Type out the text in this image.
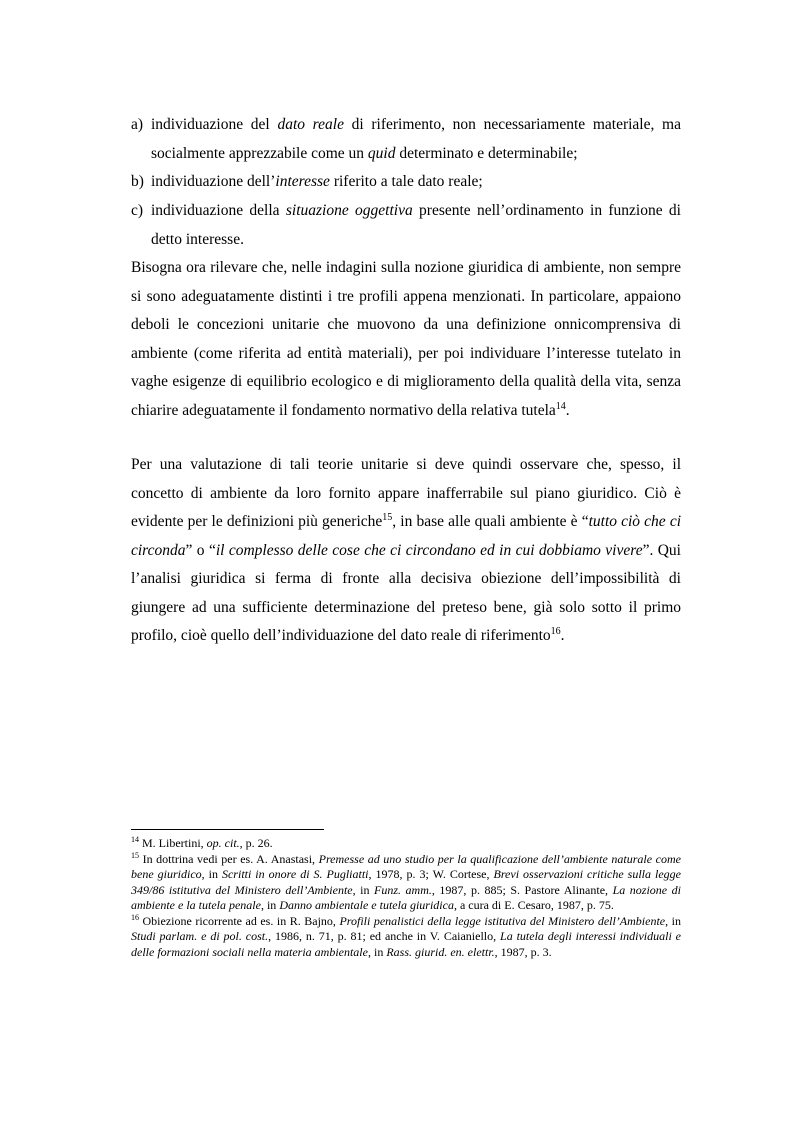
a) individuazione del dato reale di riferimento, non necessariamente materiale, ma socialmente apprezzabile come un quid determinato e determinabile;
b) individuazione dell’interesse riferito a tale dato reale;
c) individuazione della situazione oggettiva presente nell’ordinamento in funzione di detto interesse.

Bisogna ora rilevare che, nelle indagini sulla nozione giuridica di ambiente, non sempre si sono adeguatamente distinti i tre profili appena menzionati. In particolare, appaiono deboli le concezioni unitarie che muovono da una definizione onnicomprensiva di ambiente (come riferita ad entità materiali), per poi individuare l’interesse tutelato in vaghe esigenze di equilibrio ecologico e di miglioramento della qualità della vita, senza chiarire adeguatamente il fondamento normativo della relativa tutela$^{14}$.

Per una valutazione di tali teorie unitarie si deve quindi osservare che, spesso, il concetto di ambiente da loro fornito appare inafferrabile sul piano giuridico. Ciò è evidente per le definizioni più generiche$^{15}$, in base alle quali ambiente è “tutto ciò che ci circonda” o “il complesso delle cose che ci circondano ed in cui dobbiamo vivere”. Qui l’analisi giuridica si ferma di fronte alla decisiva obiezione dell’impossibilità di giungere ad una sufficiente determinazione del preteso bene, già solo sotto il primo profilo, cioè quello dell’individuazione del dato reale di riferimento$^{16}$.

$^{14}$ M. Libertini, op. cit., p. 26.

$^{15}$ In dottrina vedi per es. A. Anastasi, Premesse ad uno studio per la qualificazione dell’ambiente naturale come bene giuridico, in Scritti in onore di S. Pugliatti, 1978, p. 3; W. Cortese, Brevi osservazioni critiche sulla legge 349/86 istitutiva del Ministero dell’Ambiente, in Funz. amm., 1987, p. 885; S. Pastore Alinante, La nozione di ambiente e la tutela penale, in Danno ambientale e tutela giuridica, a cura di E. Cesaro, 1987, p. 75.

$^{16}$ Obiezione ricorrente ad es. in R. Bajno, Profili penalistici della legge istitutiva del Ministero dell’Ambiente, in Studi parlam. e di pol. cost., 1986, n. 71, p. 81; ed anche in V. Caianiello, La tutela degli interessi individuali e delle formazioni sociali nella materia ambientale, in Rass. giurid. en. elettr., 1987, p. 3.
